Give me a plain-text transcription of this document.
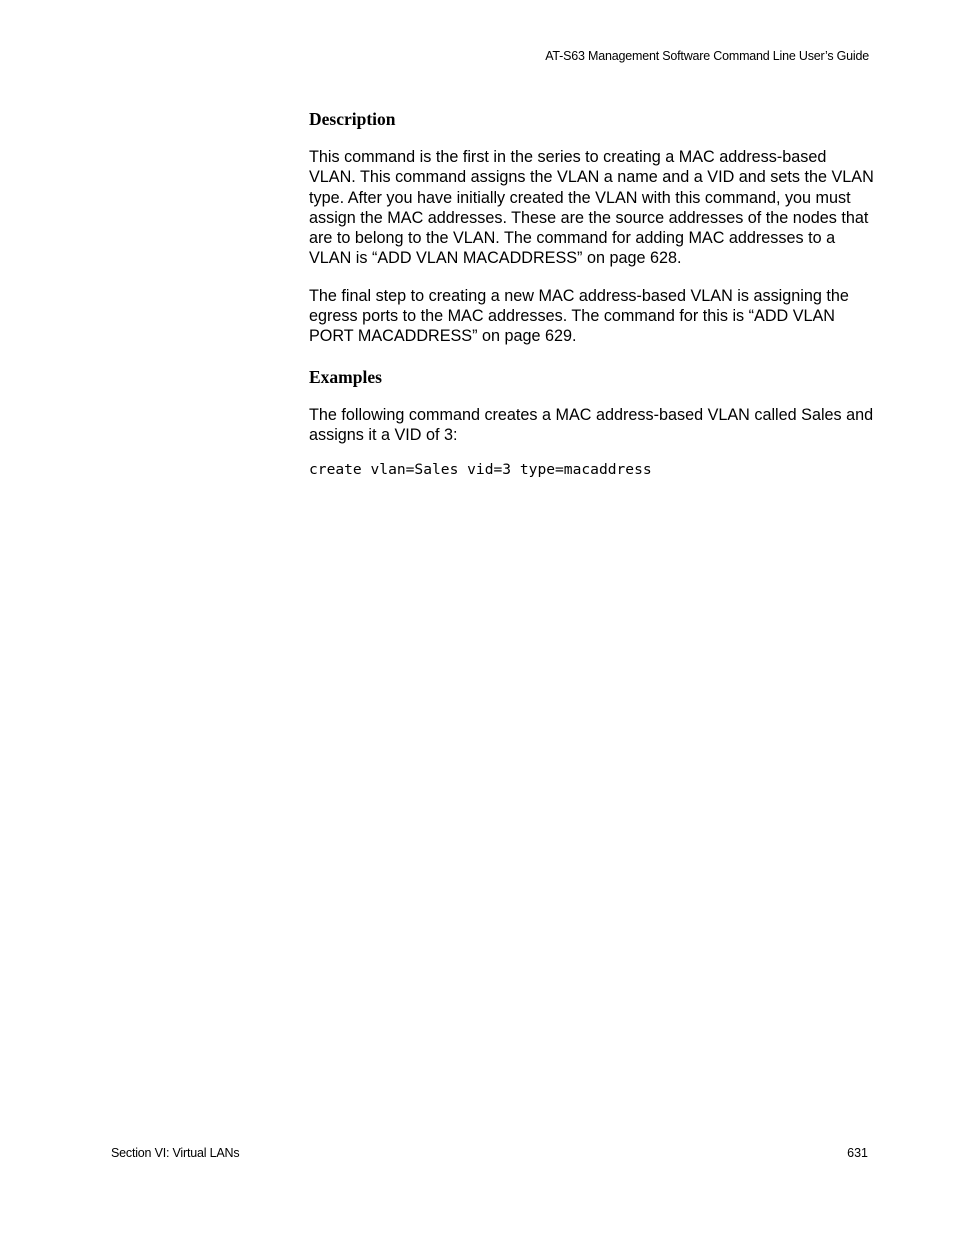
AT-S63 Management Software Command Line User’s Guide
Description

This command is the first in the series to creating a MAC address-based VLAN. This command assigns the VLAN a name and a VID and sets the VLAN type. After you have initially created the VLAN with this command, you must assign the MAC addresses. These are the source addresses of the nodes that are to belong to the VLAN. The command for adding MAC addresses to a VLAN is “ADD VLAN MACADDRESS” on page 628.

The final step to creating a new MAC address-based VLAN is assigning the egress ports to the MAC addresses. The command for this is “ADD VLAN PORT MACADDRESS” on page 629.

Examples

The following command creates a MAC address-based VLAN called Sales and assigns it a VID of 3:

create vlan=Sales vid=3 type=macaddress
Section VI: Virtual LANs	631
